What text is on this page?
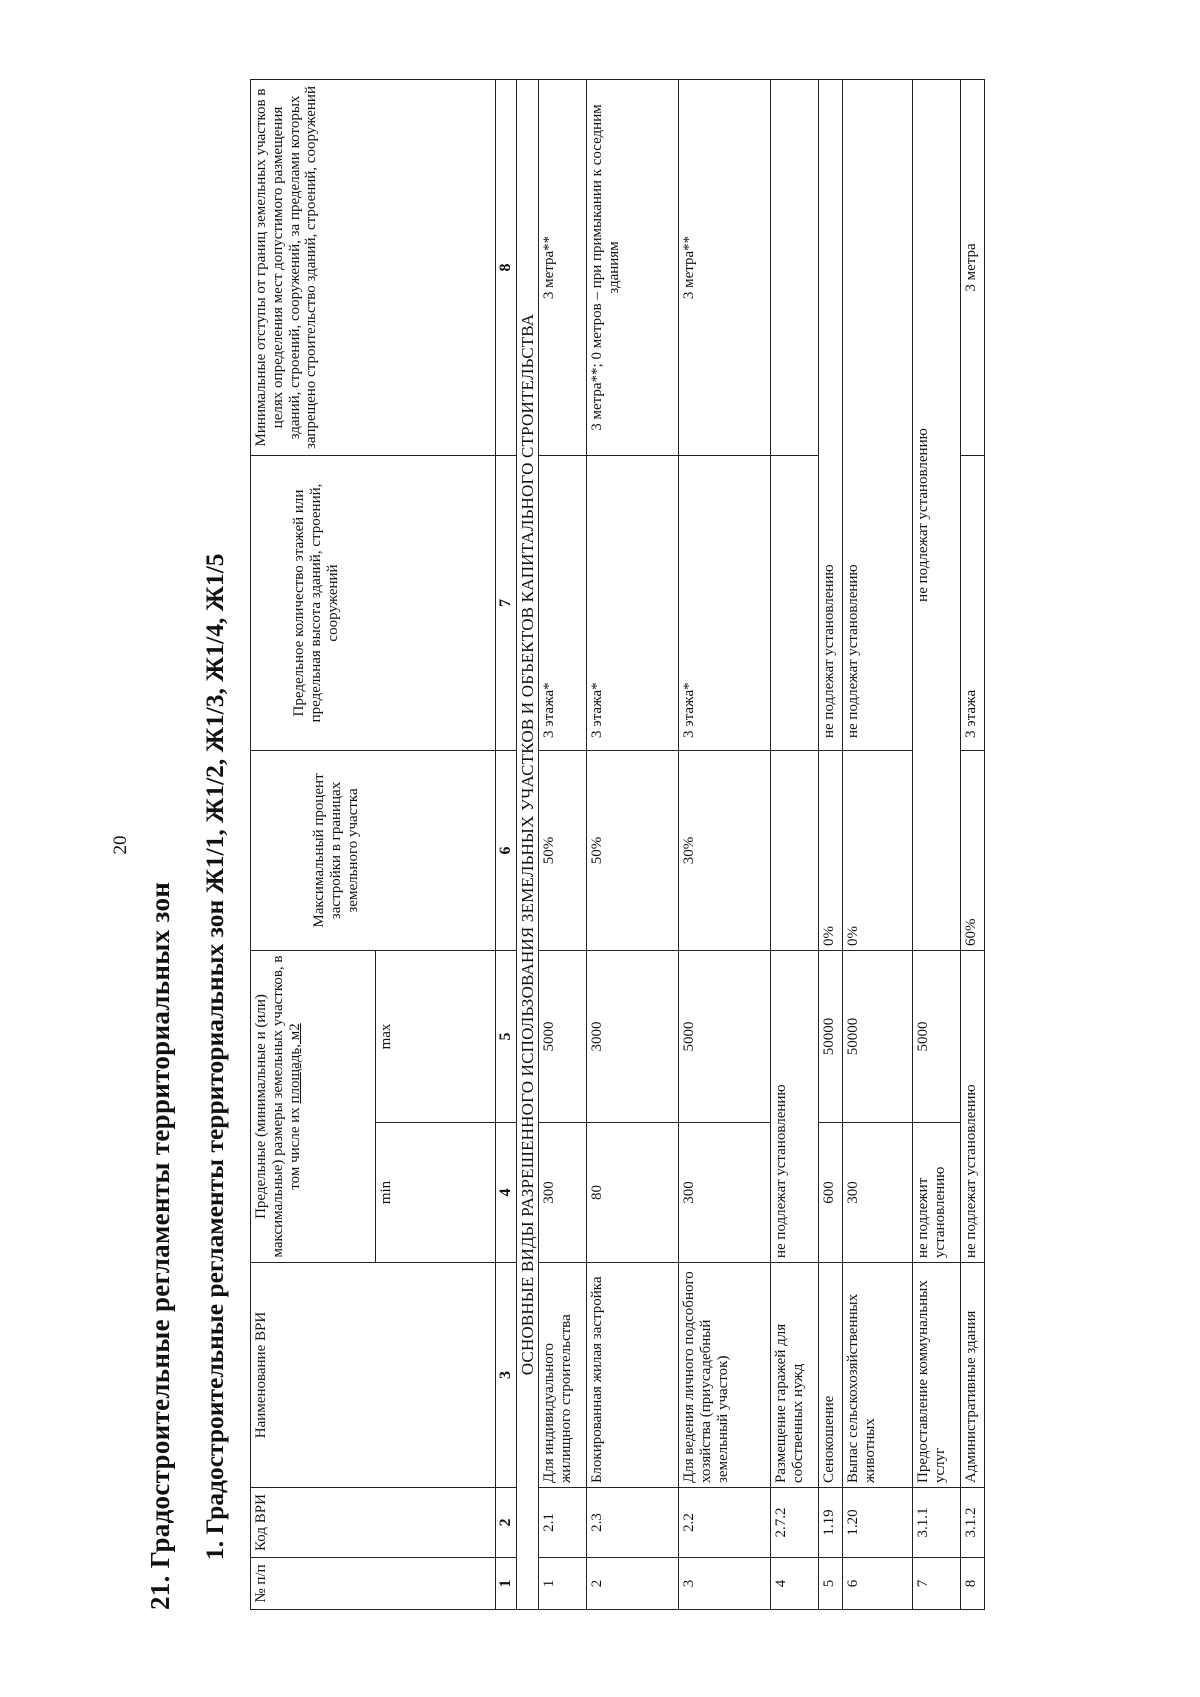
20
21. Градостроительные регламенты территориальных зон 1. Градостроительные регламенты территориальных зон Ж1/1, Ж1/2, Ж1/3, Ж1/4, Ж1/5
№ п/п	Код ВРИ	Наименование ВРИ	Предельные (минимальные и (или) максимальные) размеры земельных участков, в том числе их площадь, м2		Максимальный процент застройки в границах земельного участка	Предельное количество этажей или предельная высота зданий, строений, сооружений	Минимальные отступы от границ земельных участков в целях определения мест допустимого размещения зданий, строений, сооружений, за пределами которых запрещено строительство зданий, строений, сооружений
			min	max			
1	2	3	4	5	6	7	8
ОСНОВНЫЕ ВИДЫ РАЗРЕШЕННОГО ИСПОЛЬЗОВАНИЯ ЗЕМЕЛЬНЫХ УЧАСТКОВ И ОБЪЕКТОВ КАПИТАЛЬНОГО СТРОИТЕЛЬСТВА							
1	2.1	Для индивидуального жилищного строительства	300	5000	50%	3 этажа*	3 метра**
2	2.3	Блокированная жилая застройка	80	3000	50%	3 этажа*	3 метра**; 0 метров – при примыкании к соседним зданиям
3	2.2	Для ведения личного подсобного хозяйства (приусадебный земельный участок)	300	5000	30%	3 этажа*	3 метра**
4	2.7.2	Размещение гаражей для собственных нужд	не подлежат установлению				
5	1.19	Сенокошение	600	50000	0%	не подлежат установлению	
6	1.20	Выпас сельскохозяйственных животных	300	50000	0%	не подлежат установлению	
7	3.1.1	Предоставление коммунальных услуг	не подлежит установлению	5000	не подлежат установлению		
8	3.1.2	Административные здания	не подлежат установлению		60%	3 этажа	3 метра
